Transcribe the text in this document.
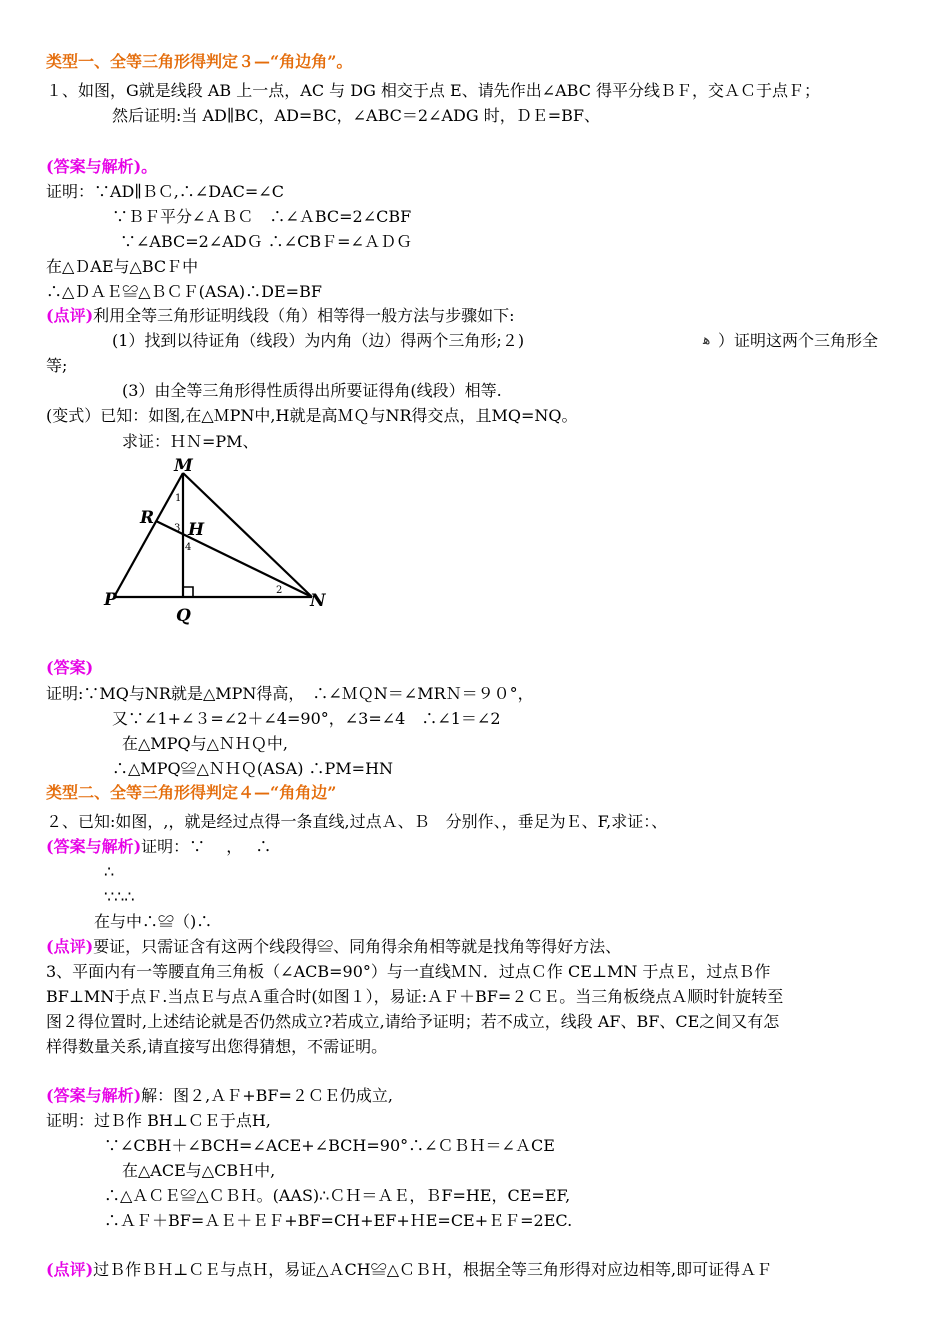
类型一、全等三角形得判定３—“角边角”。
１、如图，G就是线段 AB 上一点，AC 与 DG 相交于点 E、请先作出∠ABC 得平分线ＢＦ，交ＡＣ于点Ｆ；
然后证明:当 AD∥BC，AD=BC，∠ABC＝2∠ADG 时，ＤＥ=BF、
(答案与解析)。
证明：∵AD∥ＢＣ,∴∠DAC=∠C
∵ＢＦ平分∠ＡＢＣ　∴∠ＡBC=2∠CBF
∵∠ABC=2∠ADＧ ∴∠CBＦ=∠ＡＤＧ
在△ＤAE与△BCＦ中
∴△ＤＡＥ≌△ＢＣＦ(ASA)∴DE=BF
(点评)利用全等三角形证明线段（角）相等得一般方法与步骤如下:
(1）找到以待证角（线段）为内角（边）得两个三角形;２)	ﻫ ）证明这两个三角形全
等;
(3）由全等三角形得性质得出所要证得角(线段）相等.
(变式）已知：如图,在△ＭPN中,H就是高ＭＱ与NR得交点，且MQ=NQ。
求证：ＨＮ=PM、
M
R
H
P
Q
N
1
3
4
2
(答案)
证明:∵MQ与NR就是△MPN得高，　∴∠ＭＱN＝∠MRＮ＝９０°，
又∵∠1+∠３=∠2＋∠4=90°，∠3=∠4　∴∠1＝∠2
在△MPQ与△ＮＨＱ中,
∴△MPQ≌△ＮＨＱ(ASA) ∴PM=HN
类型二、全等三角形得判定４—“角角边”
２、已知:如图，,，就是经过点得一条直线,过点Ａ、Ｂ　分别作、，垂足为Ｅ、F,求证：、
(答案与解析)证明：∵　 ，　 ∴
∴
∵∴∴
在与中∴≌（)∴
(点评)要证，只需证含有这两个线段得≌、同角得余角相等就是找角等得好方法、
3、平面内有一等腰直角三角板（∠ACB=90°）与一直线ＭＮ．过点Ｃ作 CE⊥MN 于点Ｅ，过点Ｂ作
BF⊥MN于点Ｆ.当点Ｅ与点Ａ重合时(如图１），易证:ＡＦ＋BF=２ＣＥ。当三角板绕点Ａ顺时针旋转至
图２得位置时,上述结论就是否仍然成立?若成立,请给予证明；若不成立，线段 AF、BF、CE之间又有怎
样得数量关系,请直接写出您得猜想，不需证明。
(答案与解析)解：图２,ＡＦ+BF=２ＣＥ仍成立,
证明：过Ｂ作 BH⊥ＣＥ于点H,
∵∠CBH＋∠BCH=∠ACE+∠BCH=90°∴∠ＣＢＨ＝∠ＡCE
在△ACE与△CBＨ中,
∴△ＡＣＥ≌△ＣＢＨ。(AAS)∴ＣＨ＝ＡＥ，ＢF=HE，CE=EF,
∴ＡＦ＋BF=ＡＥ＋ＥＦ+BF=CH+EF+ＨE=CE+ＥＦ=2EC.
(点评)过Ｂ作ＢＨ⊥ＣＥ与点Ｈ，易证△ＡCH≌△ＣＢＨ，根据全等三角形得对应边相等,即可证得ＡＦ
